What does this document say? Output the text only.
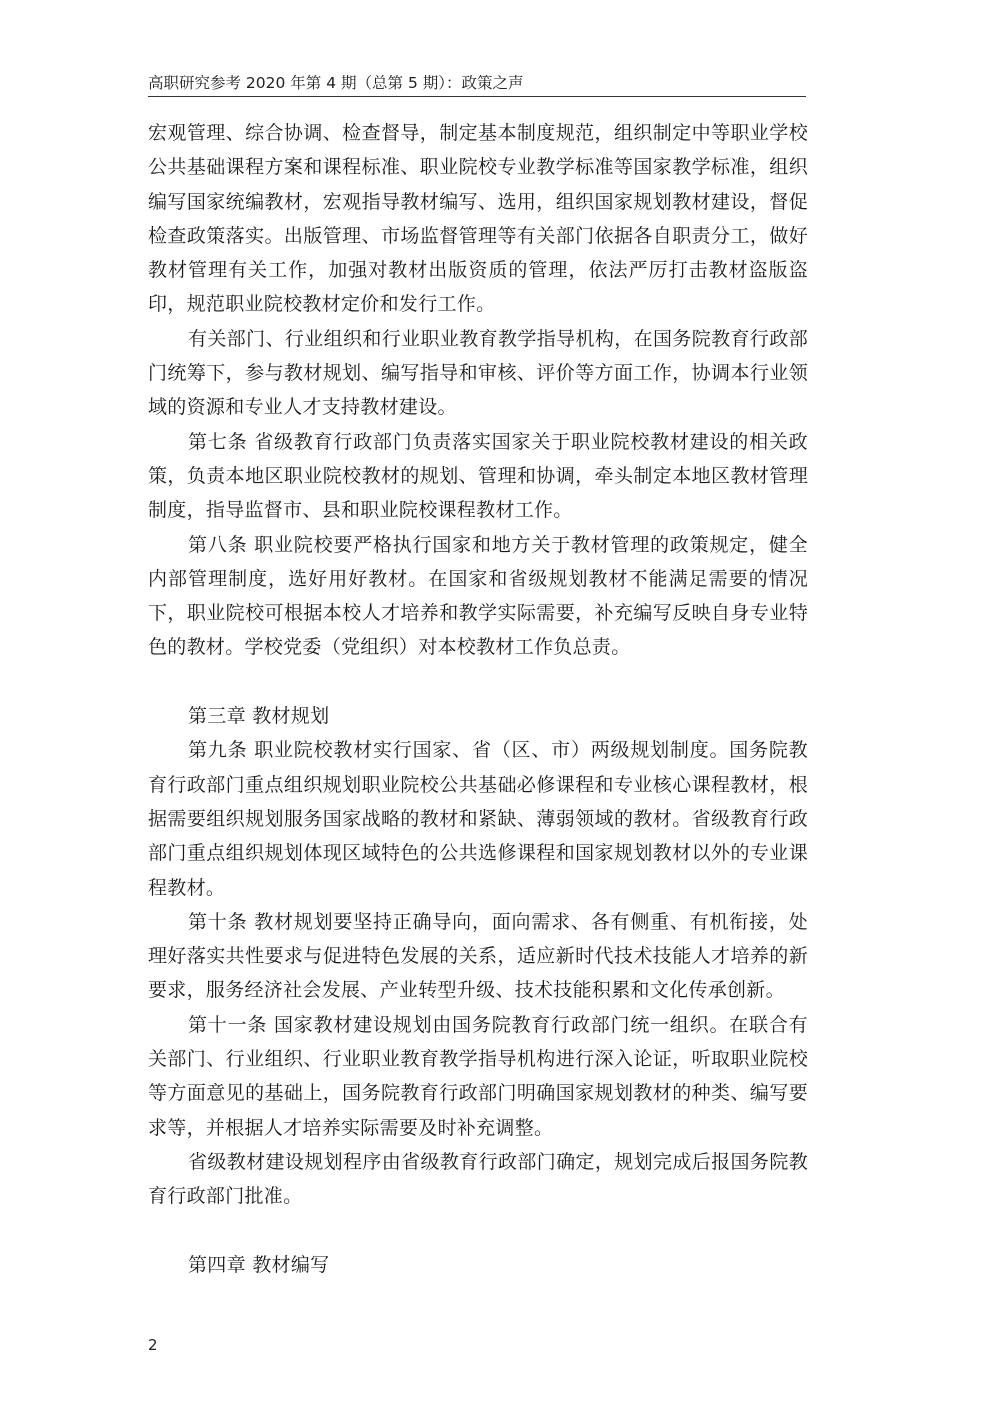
高职研究参考 2020 年第 4 期（总第 5 期）：政策之声

宏观管理、综合协调、检查督导，制定基本制度规范，组织制定中等职业学校公共基础课程方案和课程标准、职业院校专业教学标准等国家教学标准，组织编写国家统编教材，宏观指导教材编写、选用，组织国家规划教材建设，督促检查政策落实。出版管理、市场监督管理等有关部门依据各自职责分工，做好教材管理有关工作，加强对教材出版资质的管理，依法严厉打击教材盗版盗印，规范职业院校教材定价和发行工作。

有关部门、行业组织和行业职业教育教学指导机构，在国务院教育行政部门统筹下，参与教材规划、编写指导和审核、评价等方面工作，协调本行业领域的资源和专业人才支持教材建设。

第七条 省级教育行政部门负责落实国家关于职业院校教材建设的相关政策，负责本地区职业院校教材的规划、管理和协调，牵头制定本地区教材管理制度，指导监督市、县和职业院校课程教材工作。

第八条 职业院校要严格执行国家和地方关于教材管理的政策规定，健全内部管理制度，选好用好教材。在国家和省级规划教材不能满足需要的情况下，职业院校可根据本校人才培养和教学实际需要，补充编写反映自身专业特色的教材。学校党委（党组织）对本校教材工作负总责。

第三章 教材规划

第九条 职业院校教材实行国家、省（区、市）两级规划制度。国务院教育行政部门重点组织规划职业院校公共基础必修课程和专业核心课程教材，根据需要组织规划服务国家战略的教材和紧缺、薄弱领域的教材。省级教育行政部门重点组织规划体现区域特色的公共选修课程和国家规划教材以外的专业课程教材。

第十条 教材规划要坚持正确导向，面向需求、各有侧重、有机衔接，处理好落实共性要求与促进特色发展的关系，适应新时代技术技能人才培养的新要求，服务经济社会发展、产业转型升级、技术技能积累和文化传承创新。

第十一条 国家教材建设规划由国务院教育行政部门统一组织。在联合有关部门、行业组织、行业职业教育教学指导机构进行深入论证，听取职业院校等方面意见的基础上，国务院教育行政部门明确国家规划教材的种类、编写要求等，并根据人才培养实际需要及时补充调整。

省级教材建设规划程序由省级教育行政部门确定，规划完成后报国务院教育行政部门批准。

第四章 教材编写

2
